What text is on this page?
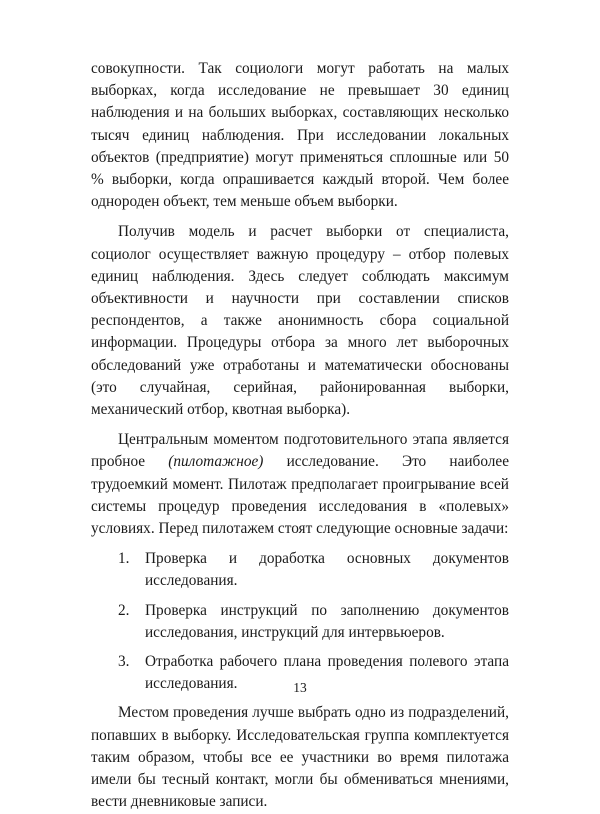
совокупности. Так социологи могут работать на малых выборках, когда исследование не превышает 30 единиц наблюдения и на больших выборках, составляющих несколько тысяч единиц наблюдения. При исследовании локальных объектов (предприятие) могут применяться сплошные или 50 % выборки, когда опрашивается каждый второй. Чем более однороден объект, тем меньше объем выборки.

Получив модель и расчет выборки от специалиста, социолог осуществляет важную процедуру – отбор полевых единиц наблюдения. Здесь следует соблюдать максимум объективности и научности при составлении списков респондентов, а также анонимность сбора социальной информации. Процедуры отбора за много лет выборочных обследований уже отработаны и математически обоснованы (это случайная, серийная, районированная выборки, механический отбор, квотная выборка).

Центральным моментом подготовительного этапа является пробное (пилотажное) исследование. Это наиболее трудоемкий момент. Пилотаж предполагает проигрывание всей системы процедур проведения исследования в «полевых» условиях. Перед пилотажем стоят следующие основные задачи:

1. Проверка и доработка основных документов исследования.
2. Проверка инструкций по заполнению документов исследования, инструкций для интервьюеров.
3. Отработка рабочего плана проведения полевого этапа исследования.

Местом проведения лучше выбрать одно из подразделений, попавших в выборку. Исследовательская группа комплектуется таким образом, чтобы все ее участники во время пилотажа имели бы тесный контакт, могли бы обмениваться мнениями, вести дневниковые записи.

13
